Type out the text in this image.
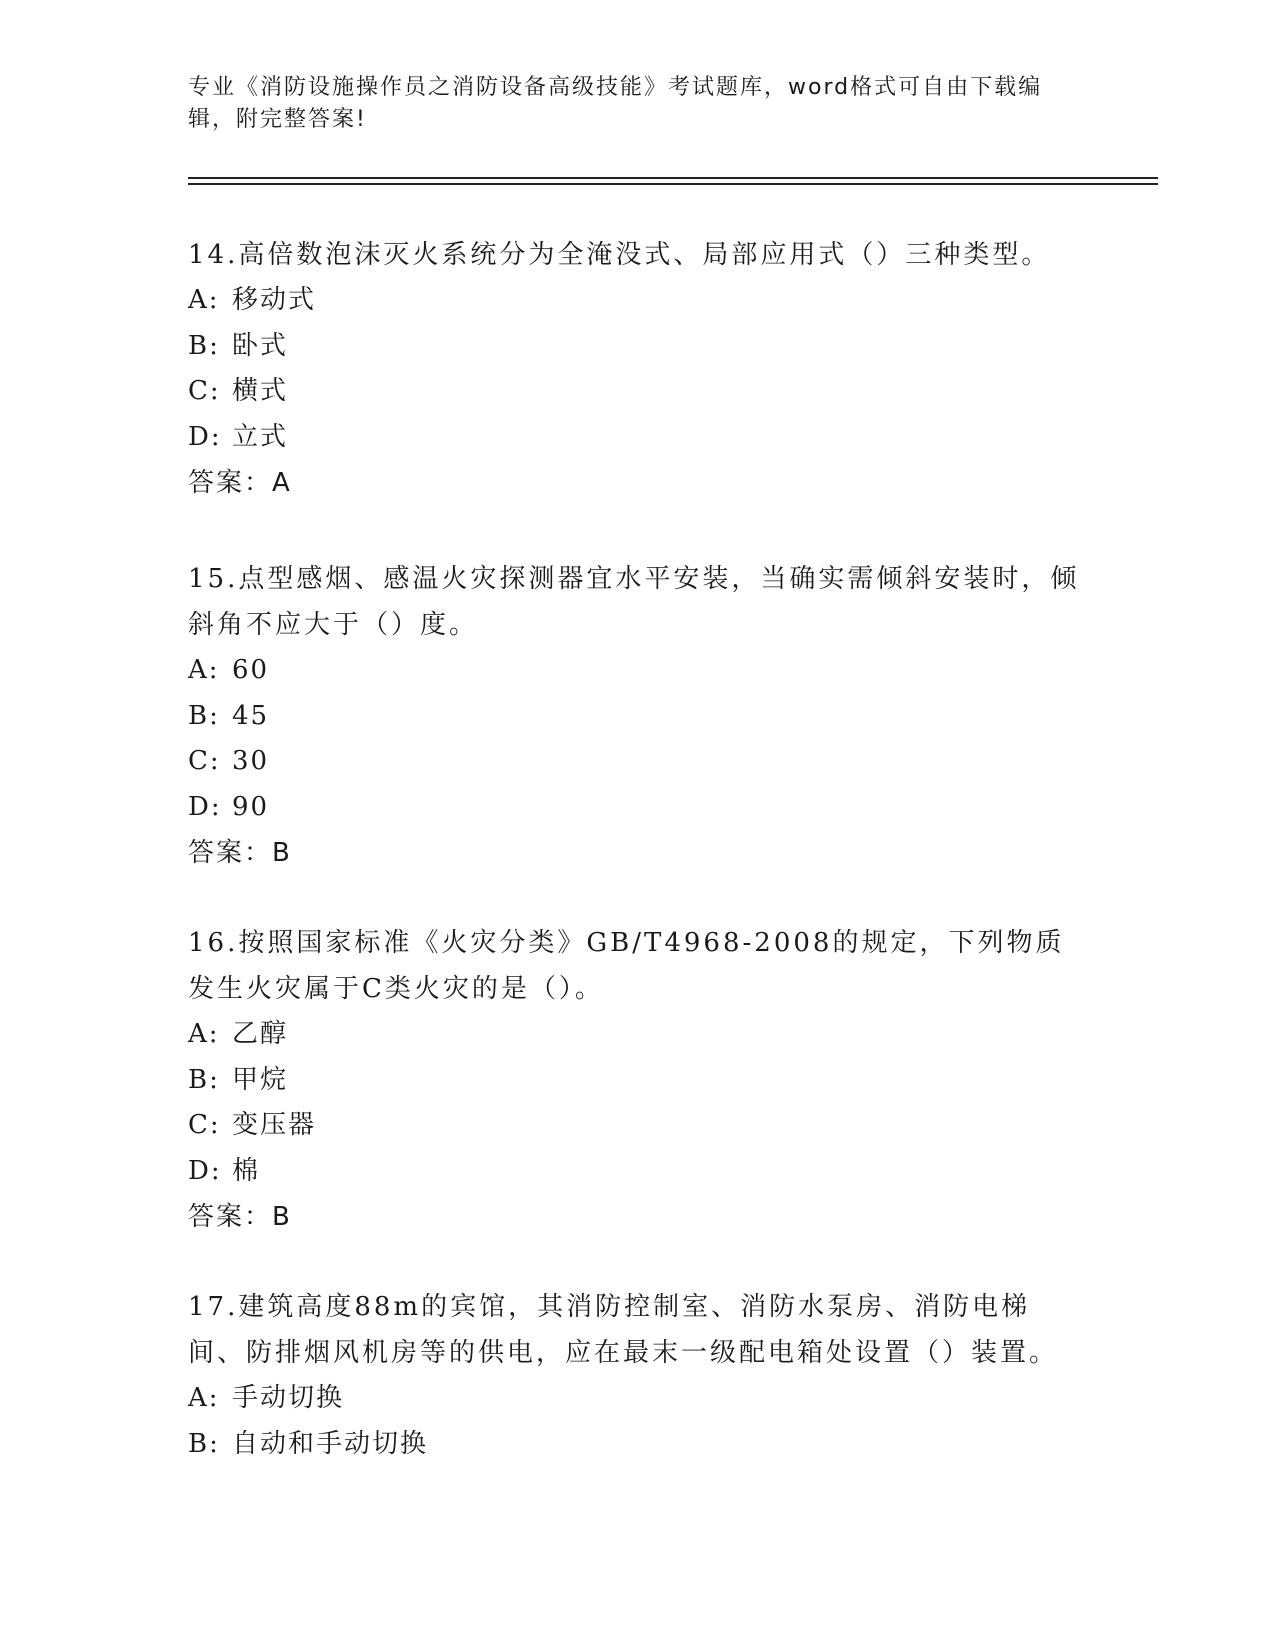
专业《消防设施操作员之消防设备高级技能》考试题库，word格式可自由下载编辑，附完整答案!
14.高倍数泡沫灭火系统分为全淹没式、局部应用式（）三种类型。
A: 移动式
B: 卧式
C: 横式
D: 立式
答案：A
15.点型感烟、感温火灾探测器宜水平安装，当确实需倾斜安装时，倾斜角不应大于（）度。
A: 60
B: 45
C: 30
D: 90
答案：B
16.按照国家标准《火灾分类》GB/T4968-2008的规定，下列物质发生火灾属于C类火灾的是（）。
A: 乙醇
B: 甲烷
C: 变压器
D: 棉
答案：B
17.建筑高度88m的宾馆，其消防控制室、消防水泵房、消防电梯间、防排烟风机房等的供电，应在最末一级配电箱处设置（）装置。
A: 手动切换
B: 自动和手动切换
